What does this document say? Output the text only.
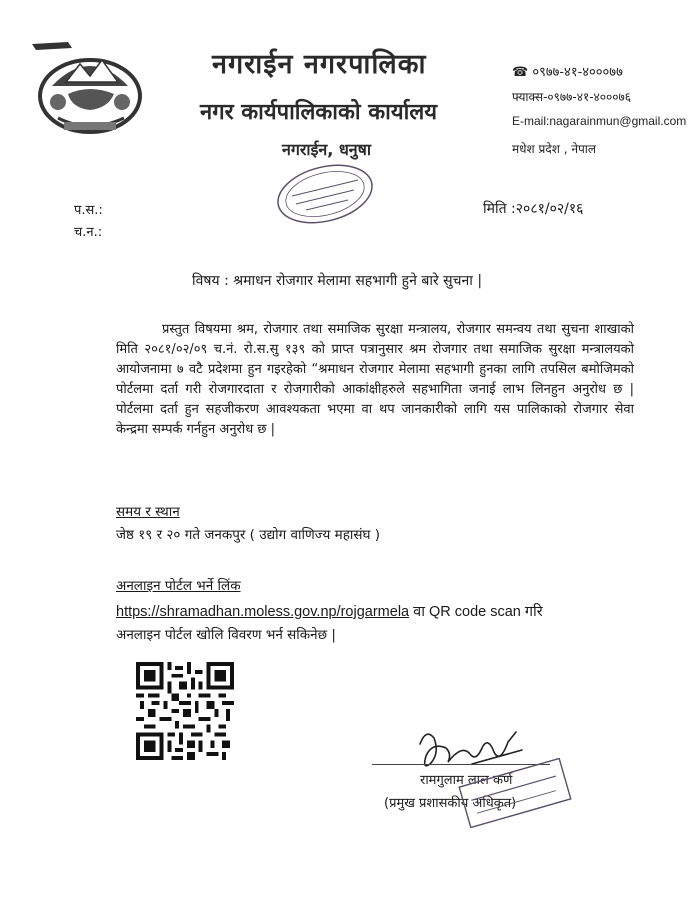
नगराईन नगरपालिका
नगर कार्यपालिकाको कार्यालय
नगराईन, धनुषा
☎ ०९७७-४१-४०००७७
फ्याक्स-०९७७-४१-४०००७६
E-mail:nagarainmun@gmail.com
मधेश प्रदेश , नेपाल
प.स.:
च.न.:
मिति :२०८१/०२/१६
विषय : श्रमाधन रोजगार मेलामा सहभागी हुने बारे सुचना |
प्रस्तुत विषयमा श्रम, रोजगार तथा समाजिक सुरक्षा मन्त्रालय, रोजगार समन्वय तथा सुचना शाखाको मिति २०८१/०२/०९ च.नं. रो.स.सु १३९ को प्राप्त पत्रानुसार श्रम रोजगार तथा समाजिक सुरक्षा मन्त्रालयको आयोजनामा ७ वटै प्रदेशमा हुन गइरहेको “श्रमाधन रोजगार मेलामा सहभागी हुनका लागि तपसिल बमोजिमको पोर्टलमा दर्ता गरी रोजगारदाता र रोजगारीको आकांक्षीहरुले सहभागिता जनाई लाभ लिनहुन अनुरोध छ | पोर्टलमा दर्ता हुन सहजीकरण आवश्यकता भएमा वा थप जानकारीको लागि यस पालिकाको रोजगार सेवा केन्द्रमा सम्पर्क गर्नहुन अनुरोध छ |
समय र स्थान
जेष्ठ १९ र २० गते जनकपुर ( उद्योग वाणिज्य महासंघ )
अनलाइन पोर्टल भर्ने लिंक
https://shramadhan.moless.gov.np/rojgarmela वा QR code scan गरि
अनलाइन पोर्टल खोलि विवरण भर्न सकिनेछ |
रामगुलाम लाल कर्ण
(प्रमुख प्रशासकीय अधिकृत)
